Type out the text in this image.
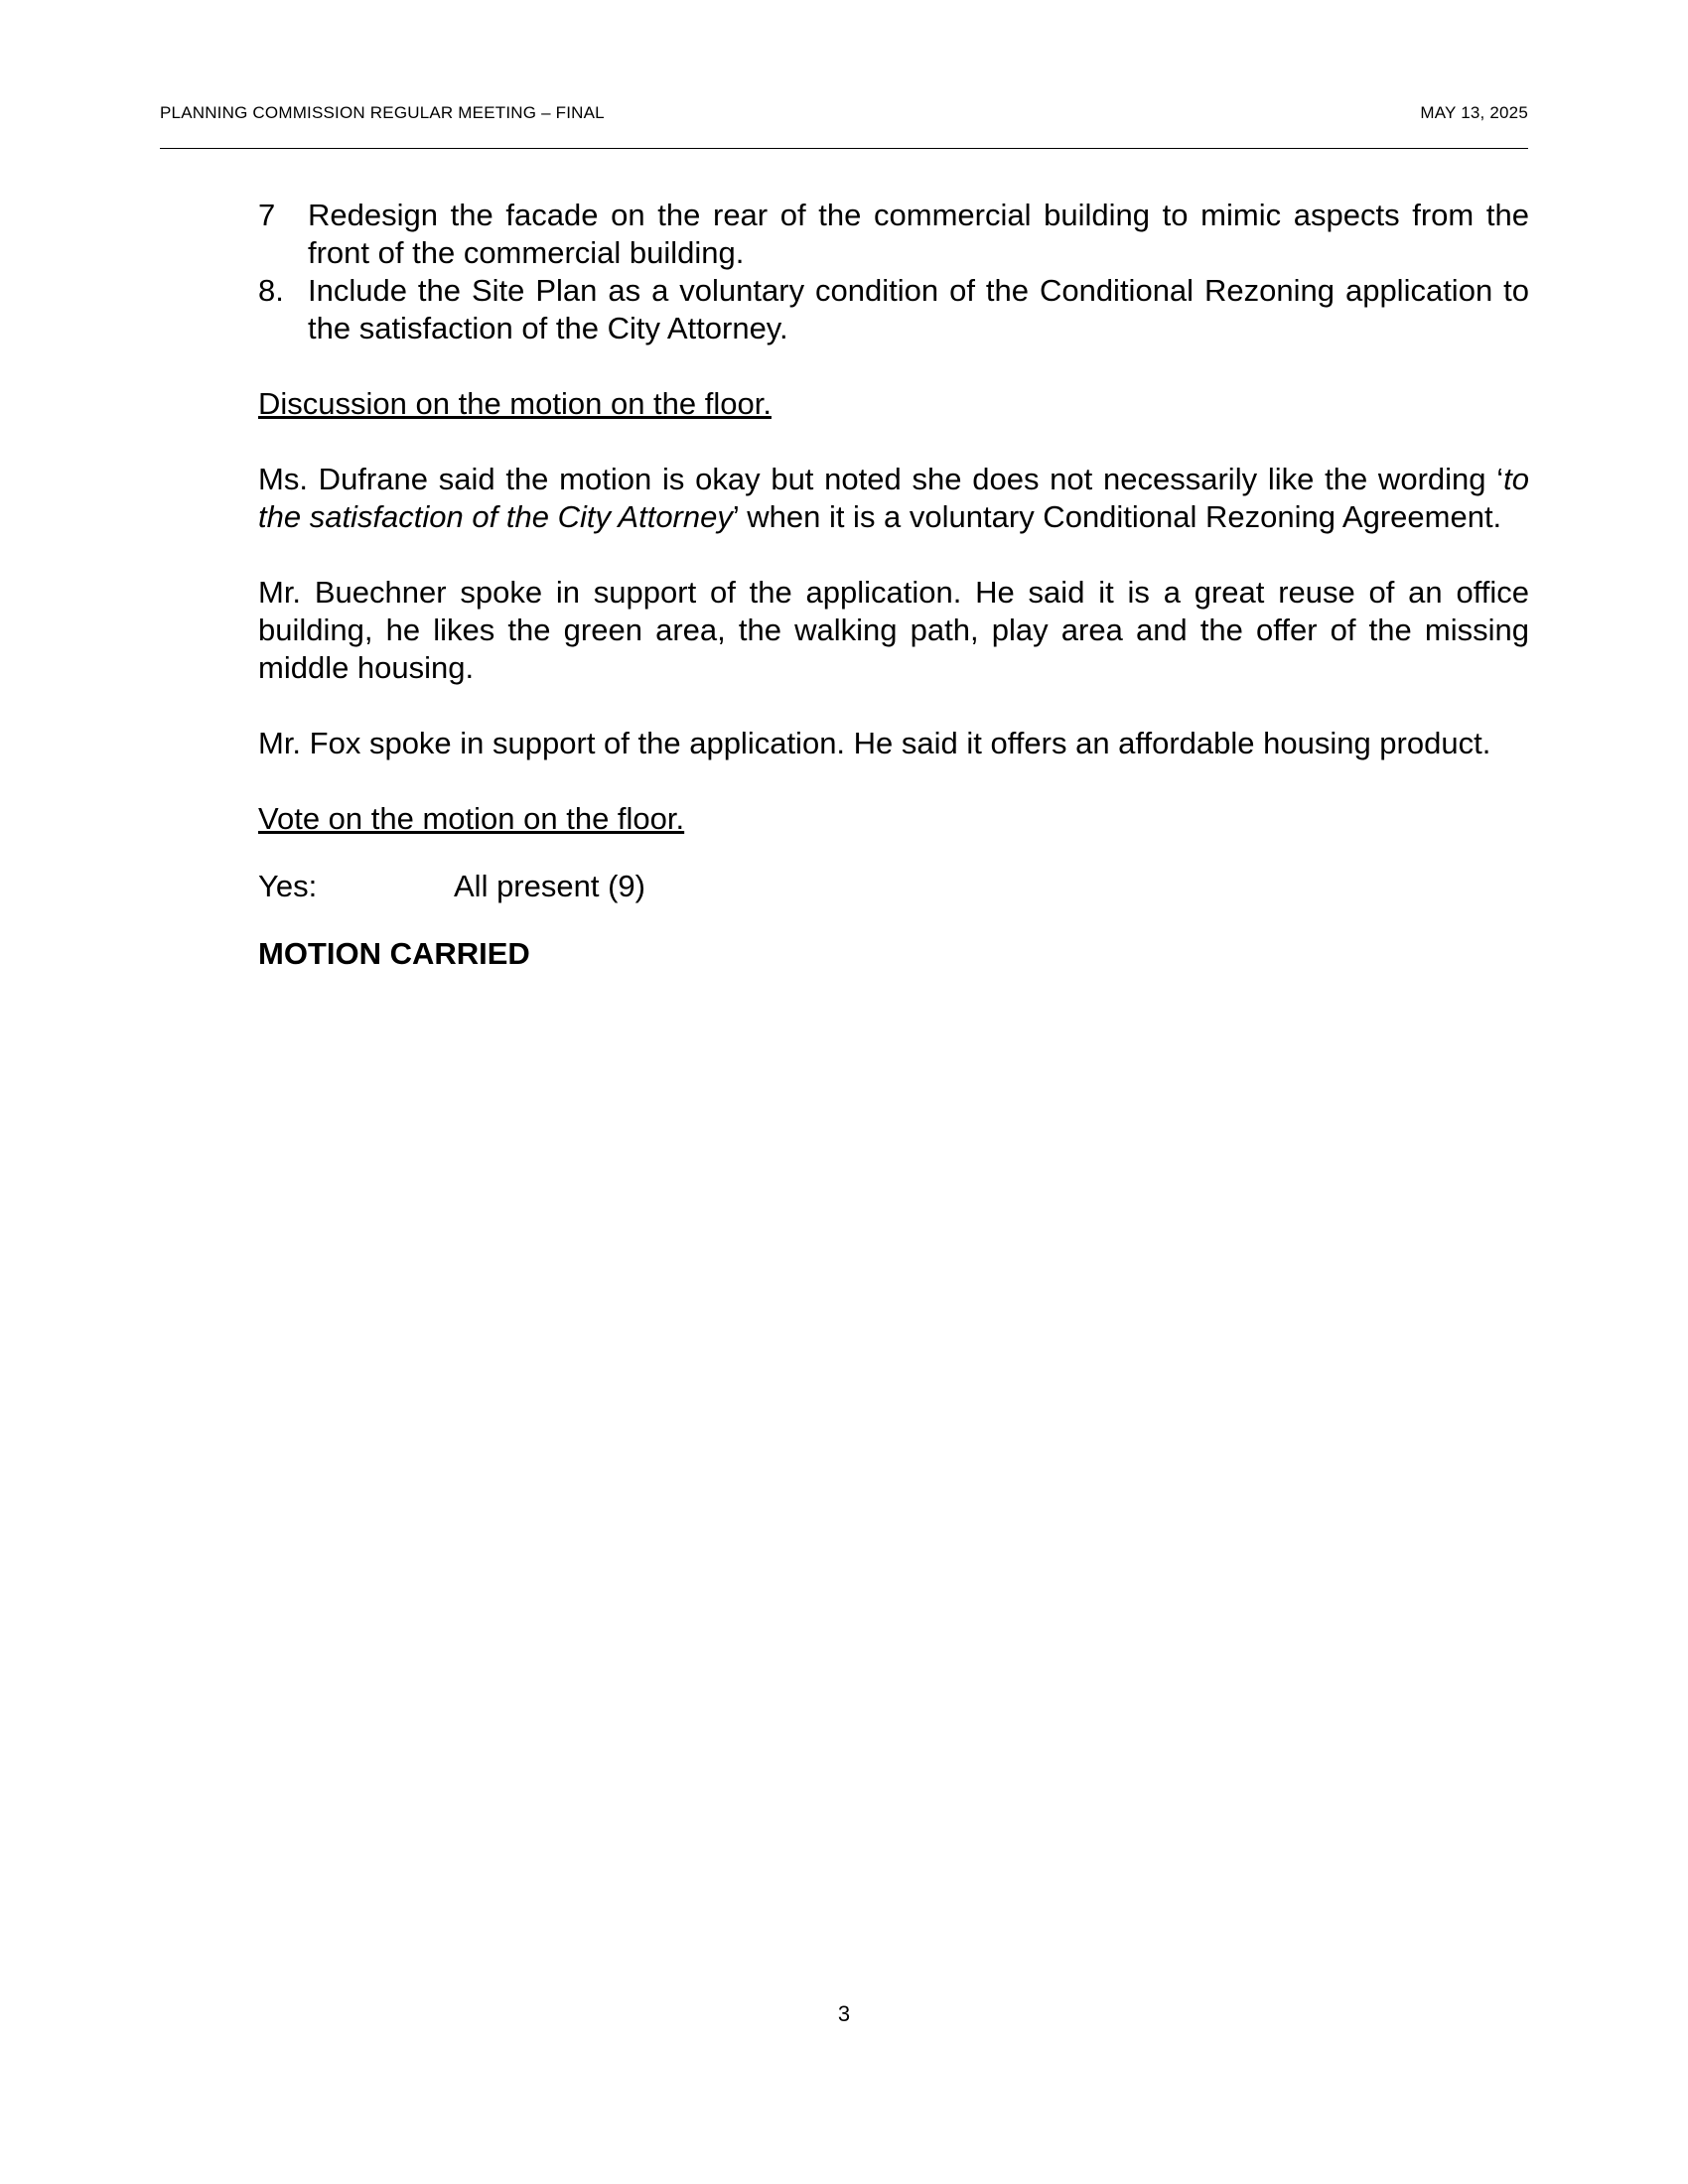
PLANNING COMMISSION REGULAR MEETING – FINAL	MAY 13, 2025
7 Redesign the facade on the rear of the commercial building to mimic aspects from the front of the commercial building.
8. Include the Site Plan as a voluntary condition of the Conditional Rezoning application to the satisfaction of the City Attorney.

Discussion on the motion on the floor.

Ms. Dufrane said the motion is okay but noted she does not necessarily like the wording ‘to the satisfaction of the City Attorney’ when it is a voluntary Conditional Rezoning Agreement.

Mr. Buechner spoke in support of the application. He said it is a great reuse of an office building, he likes the green area, the walking path, play area and the offer of the missing middle housing.

Mr. Fox spoke in support of the application. He said it offers an affordable housing product.

Vote on the motion on the floor.

Yes:	All present (9)

MOTION CARRIED

3
